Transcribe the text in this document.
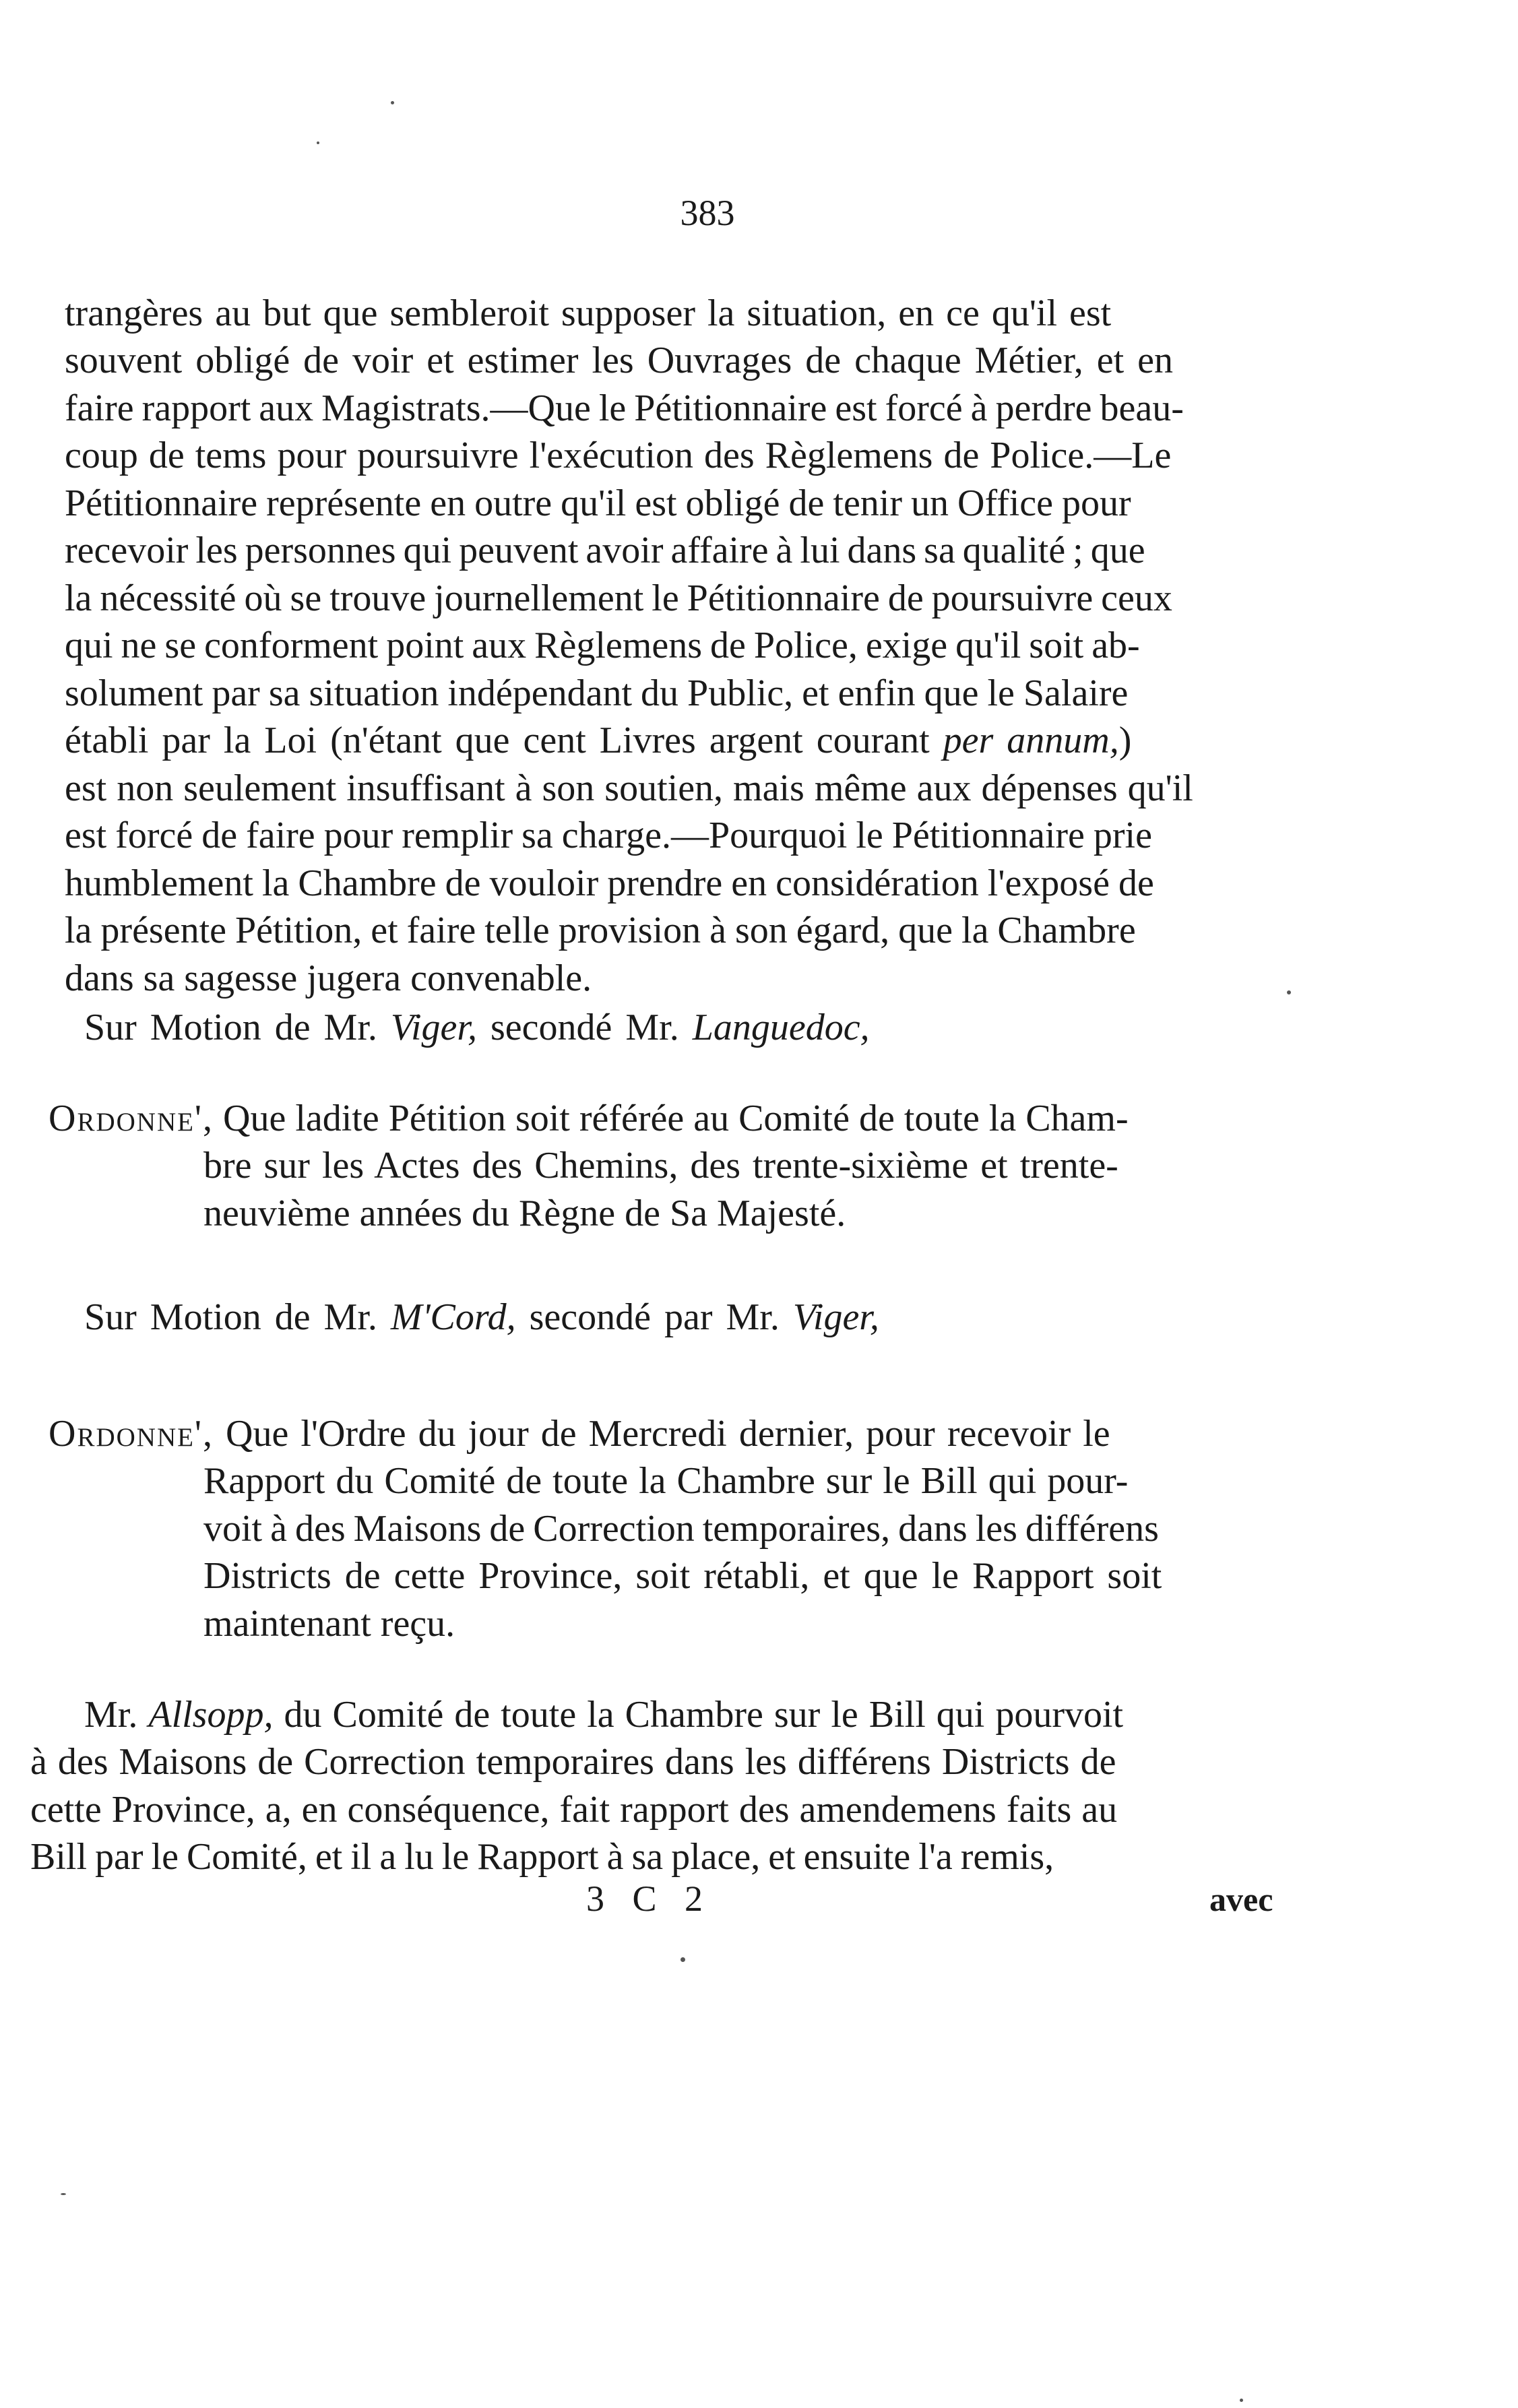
383
trangères au but que sembleroit supposer la situation, en ce qu'il est
souvent obligé de voir et estimer les Ouvrages de chaque Métier, et en
faire rapport aux Magistrats.—Que le Pétitionnaire est forcé à perdre beau-
coup de tems pour poursuivre l'exécution des Règlemens de Police.—Le
Pétitionnaire représente en outre qu'il est obligé de tenir un Office pour
recevoir les personnes qui peuvent avoir affaire à lui dans sa qualité ; que
la nécessité où se trouve journellement le Pétitionnaire de poursuivre ceux
qui ne se conforment point aux Règlemens de Police, exige qu'il soit ab-
solument par sa situation indépendant du Public, et enfin que le Salaire
établi par la Loi (n'étant que cent Livres argent courant per annum,)
est non seulement insuffisant à son soutien, mais même aux dépenses qu'il
est forcé de faire pour remplir sa charge.—Pourquoi le Pétitionnaire prie
humblement la Chambre de vouloir prendre en considération l'exposé de
la présente Pétition, et faire telle provision à son égard, que la Chambre
dans sa sagesse jugera convenable.
Sur Motion de Mr. Viger, secondé Mr. Languedoc,
Ordonne', Que ladite Pétition soit référée au Comité de toute la Cham-
bre sur les Actes des Chemins, des trente-sixième et trente-
neuvième années du Règne de Sa Majesté.
Sur Motion de Mr. M'Cord, secondé par Mr. Viger,
Ordonne', Que l'Ordre du jour de Mercredi dernier, pour recevoir le
Rapport du Comité de toute la Chambre sur le Bill qui pour-
voit à des Maisons de Correction temporaires, dans les différens
Districts de cette Province, soit rétabli, et que le Rapport soit
maintenant reçu.
Mr. Allsopp, du Comité de toute la Chambre sur le Bill qui pourvoit
à des Maisons de Correction temporaires dans les différens Districts de
cette Province, a, en conséquence, fait rapport des amendemens faits au
Bill par le Comité, et il a lu le Rapport à sa place, et ensuite l'a remis,
3 C 2	avec
